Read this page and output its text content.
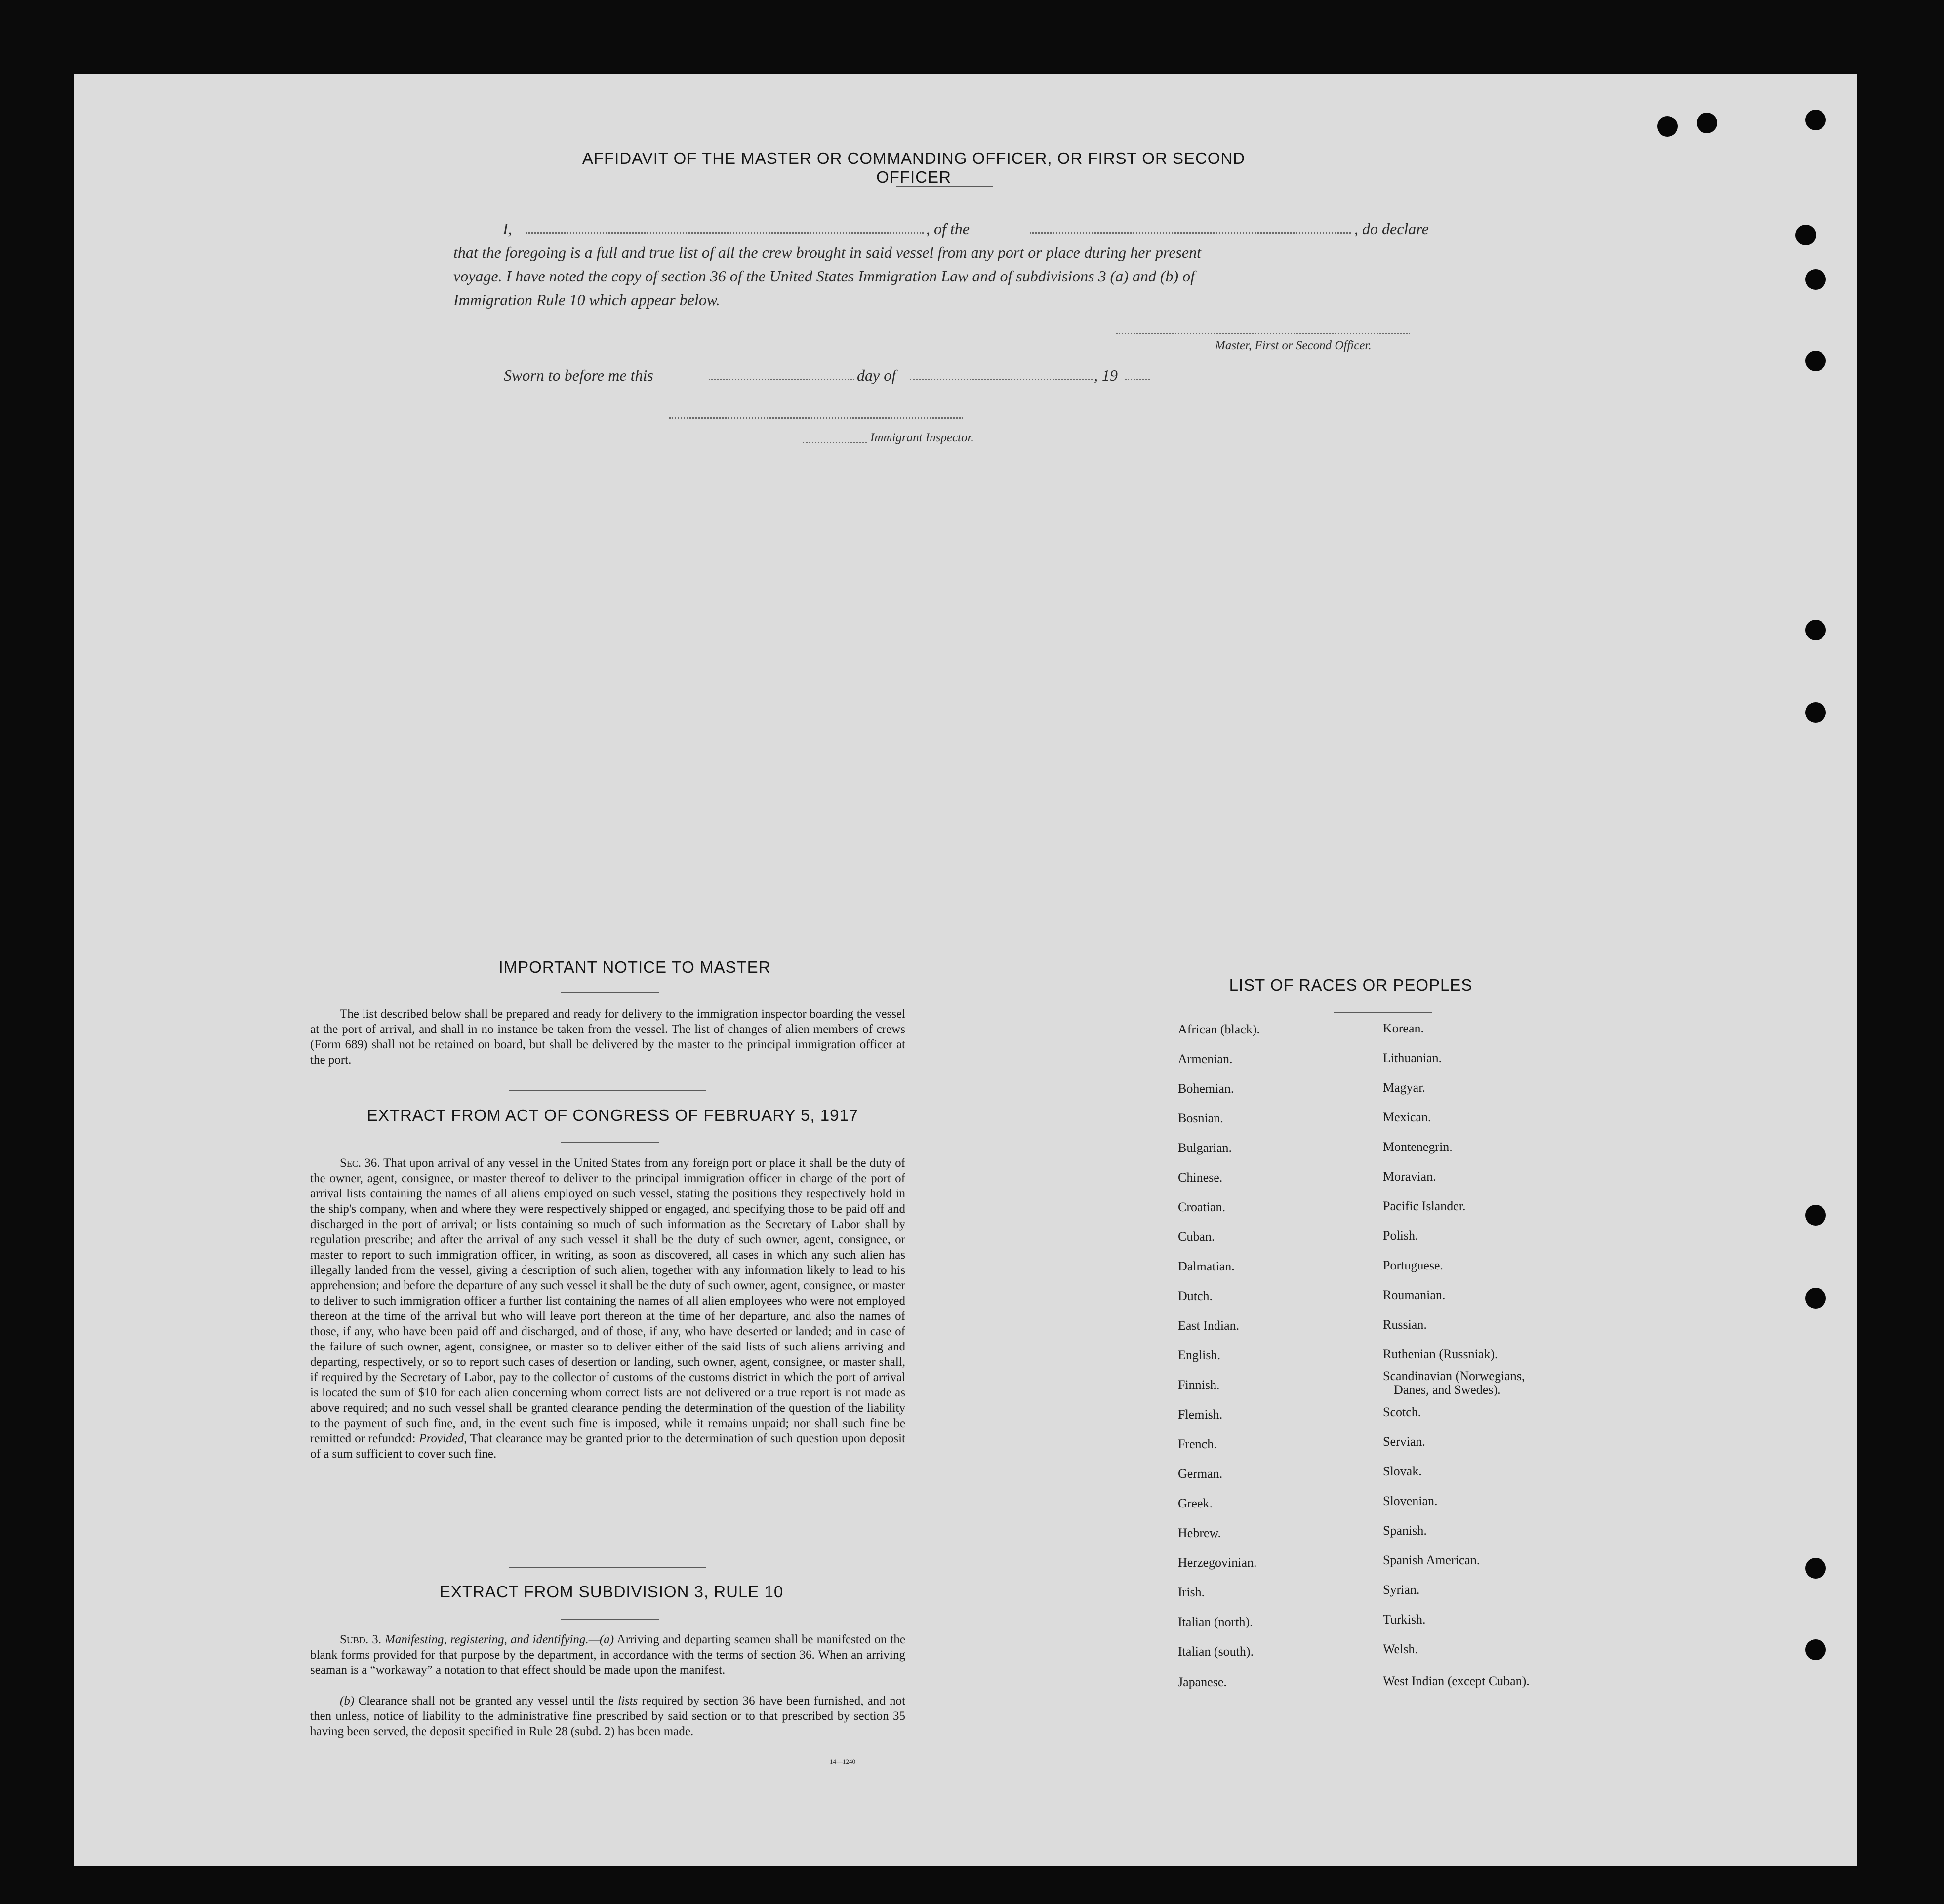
AFFIDAVIT OF THE MASTER OR COMMANDING OFFICER, OR FIRST OR SECOND OFFICER
I,	, of the	, do declare
that the foregoing is a full and true list of all the crew brought in said vessel from any port or place during her present
voyage. I have noted the copy of section 36 of the United States Immigration Law and of subdivisions 3 (a) and (b) of
Immigration Rule 10 which appear below.
Master, First or Second Officer.
Sworn to before me this	day of	, 19
Immigrant Inspector.
IMPORTANT NOTICE TO MASTER
The list described below shall be prepared and ready for delivery to the immigration inspector boarding the vessel at the port of arrival, and shall in no instance be taken from the vessel. The list of changes of alien members of crews (Form 689) shall not be retained on board, but shall be delivered by the master to the principal immigration officer at the port.
EXTRACT FROM ACT OF CONGRESS OF FEBRUARY 5, 1917
Sec. 36. That upon arrival of any vessel in the United States from any foreign port or place it shall be the duty of the owner, agent, consignee, or master thereof to deliver to the principal immigration officer in charge of the port of arrival lists containing the names of all aliens employed on such vessel, stating the positions they respectively hold in the ship's company, when and where they were respectively shipped or engaged, and specifying those to be paid off and discharged in the port of arrival; or lists containing so much of such information as the Secretary of Labor shall by regulation prescribe; and after the arrival of any such vessel it shall be the duty of such owner, agent, consignee, or master to report to such immigration officer, in writing, as soon as discovered, all cases in which any such alien has illegally landed from the vessel, giving a description of such alien, together with any information likely to lead to his apprehension; and before the departure of any such vessel it shall be the duty of such owner, agent, consignee, or master to deliver to such immigration officer a further list containing the names of all alien employees who were not employed thereon at the time of the arrival but who will leave port thereon at the time of her departure, and also the names of those, if any, who have been paid off and discharged, and of those, if any, who have deserted or landed; and in case of the failure of such owner, agent, consignee, or master so to deliver either of the said lists of such aliens arriving and departing, respectively, or so to report such cases of desertion or landing, such owner, agent, consignee, or master shall, if required by the Secretary of Labor, pay to the collector of customs of the customs district in which the port of arrival is located the sum of $10 for each alien concerning whom correct lists are not delivered or a true report is not made as above required; and no such vessel shall be granted clearance pending the determination of the question of the liability to the payment of such fine, and, in the event such fine is imposed, while it remains unpaid; nor shall such fine be remitted or refunded: Provided, That clearance may be granted prior to the determination of such question upon deposit of a sum sufficient to cover such fine.
EXTRACT FROM SUBDIVISION 3, RULE 10
Subd. 3. Manifesting, registering, and identifying.—(a) Arriving and departing seamen shall be manifested on the blank forms provided for that purpose by the department, in accordance with the terms of section 36. When an arriving seaman is a “workaway” a notation to that effect should be made upon the manifest.
(b) Clearance shall not be granted any vessel until the lists required by section 36 have been furnished, and not then unless, notice of liability to the administrative fine prescribed by said section or to that prescribed by section 35 having been served, the deposit specified in Rule 28 (subd. 2) has been made.
14—1240
LIST OF RACES OR PEOPLES
African (black).
Armenian.
Bohemian.
Bosnian.
Bulgarian.
Chinese.
Croatian.
Cuban.
Dalmatian.
Dutch.
East Indian.
English.
Finnish.
Flemish.
French.
German.
Greek.
Hebrew.
Herzegovinian.
Irish.
Italian (north).
Italian (south).
Japanese.
Korean.
Lithuanian.
Magyar.
Mexican.
Montenegrin.
Moravian.
Pacific Islander.
Polish.
Portuguese.
Roumanian.
Russian.
Ruthenian (Russniak).
Scandinavian (Norwegians,
Danes, and Swedes).
Scotch.
Servian.
Slovak.
Slovenian.
Spanish.
Spanish American.
Syrian.
Turkish.
Welsh.
West Indian (except Cuban).
